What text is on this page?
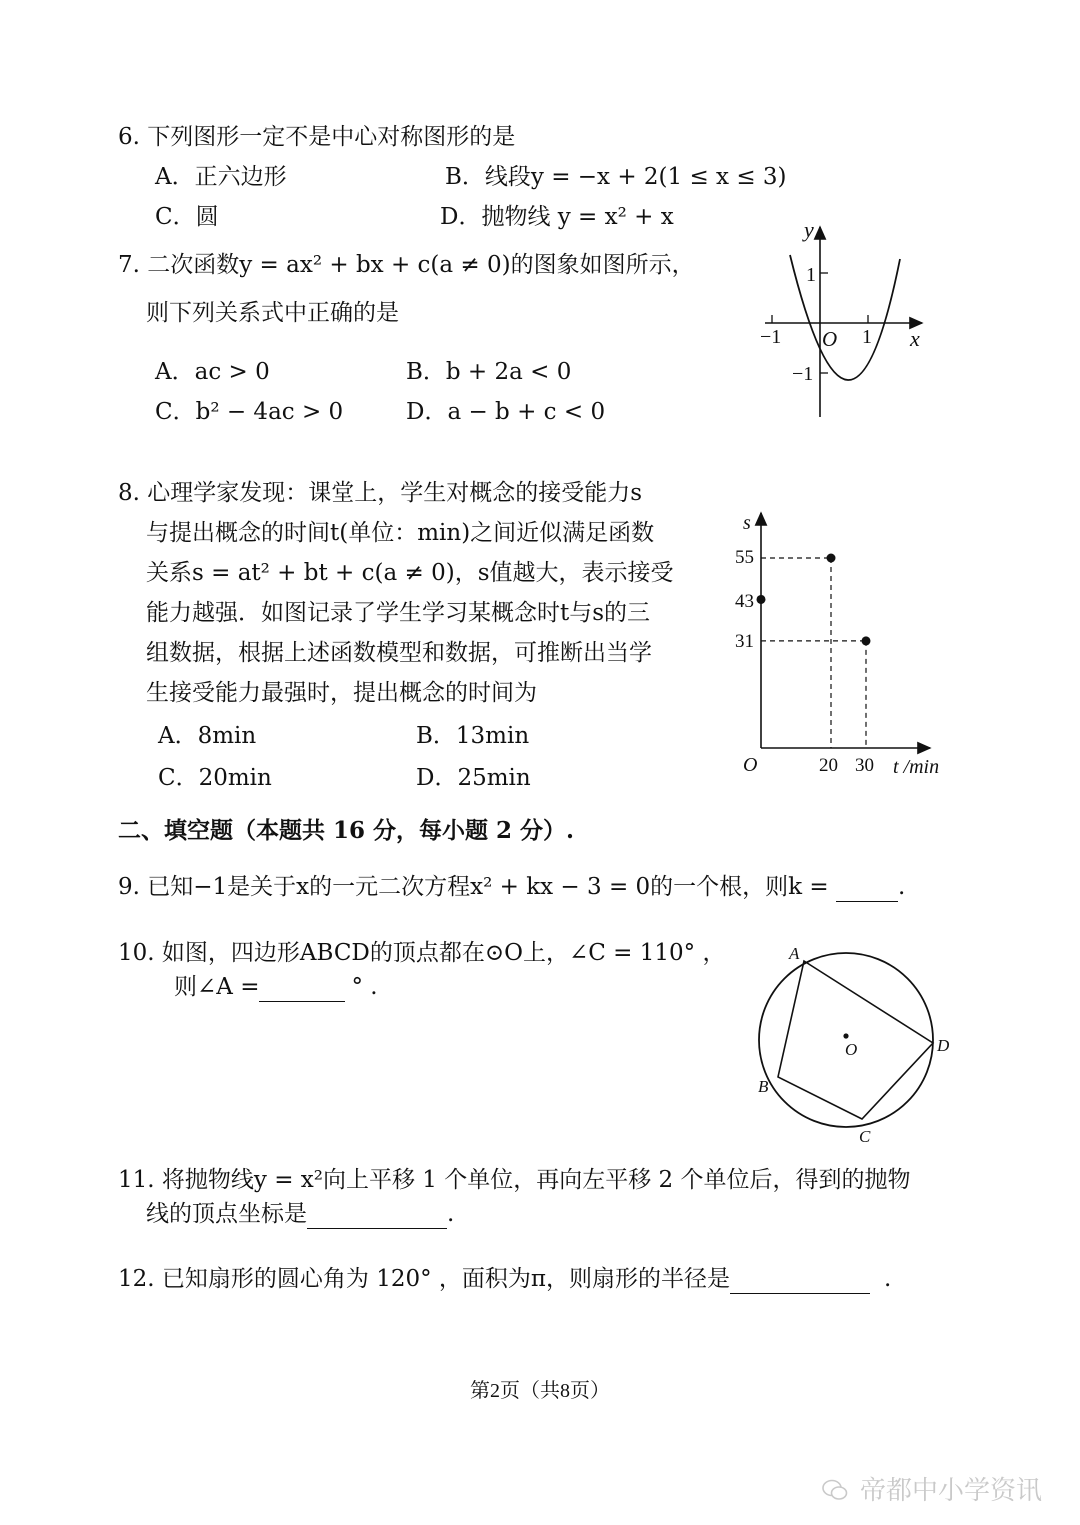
6. 下列图形一定不是中心对称图形的是
A．正六边形	B．线段y = −x + 2(1 ≤ x ≤ 3)
C．圆	D．抛物线 y = x² + x
7. 二次函数y = ax² + bx + c(a ≠ 0)的图象如图所示，
则下列关系式中正确的是
A．ac > 0	B．b + 2a < 0
C．b² − 4ac > 0	D．a − b + c < 0
y
x
O
1
−1
−1	1
8. 心理学家发现：课堂上，学生对概念的接受能力s
与提出概念的时间t(单位：min)之间近似满足函数
关系s = at² + bt + c(a ≠ 0)，s值越大，表示接受
能力越强．如图记录了学生学习某概念时t与s的三
组数据，根据上述函数模型和数据，可推断出当学
生接受能力最强时，提出概念的时间为
A．8min	B．13min
C．20min	D．25min
s
t /min
O
55
43
31
20 30
二、填空题（本题共 16 分，每小题 2 分）.
9. 已知−1是关于x的一元二次方程x² + kx − 3 = 0的一个根，则k =	.
10. 如图，四边形ABCD的顶点都在⊙O上，∠C = 110° ，
则∠A =	° .
A
B
C
D
O
11. 将抛物线y = x²向上平移 1 个单位，再向左平移 2 个单位后，得到的抛物
线的顶点坐标是	.
12. 已知扇形的圆心角为 120° ，面积为π，则扇形的半径是	.
第2页（共8页）
帝都中小学资讯
